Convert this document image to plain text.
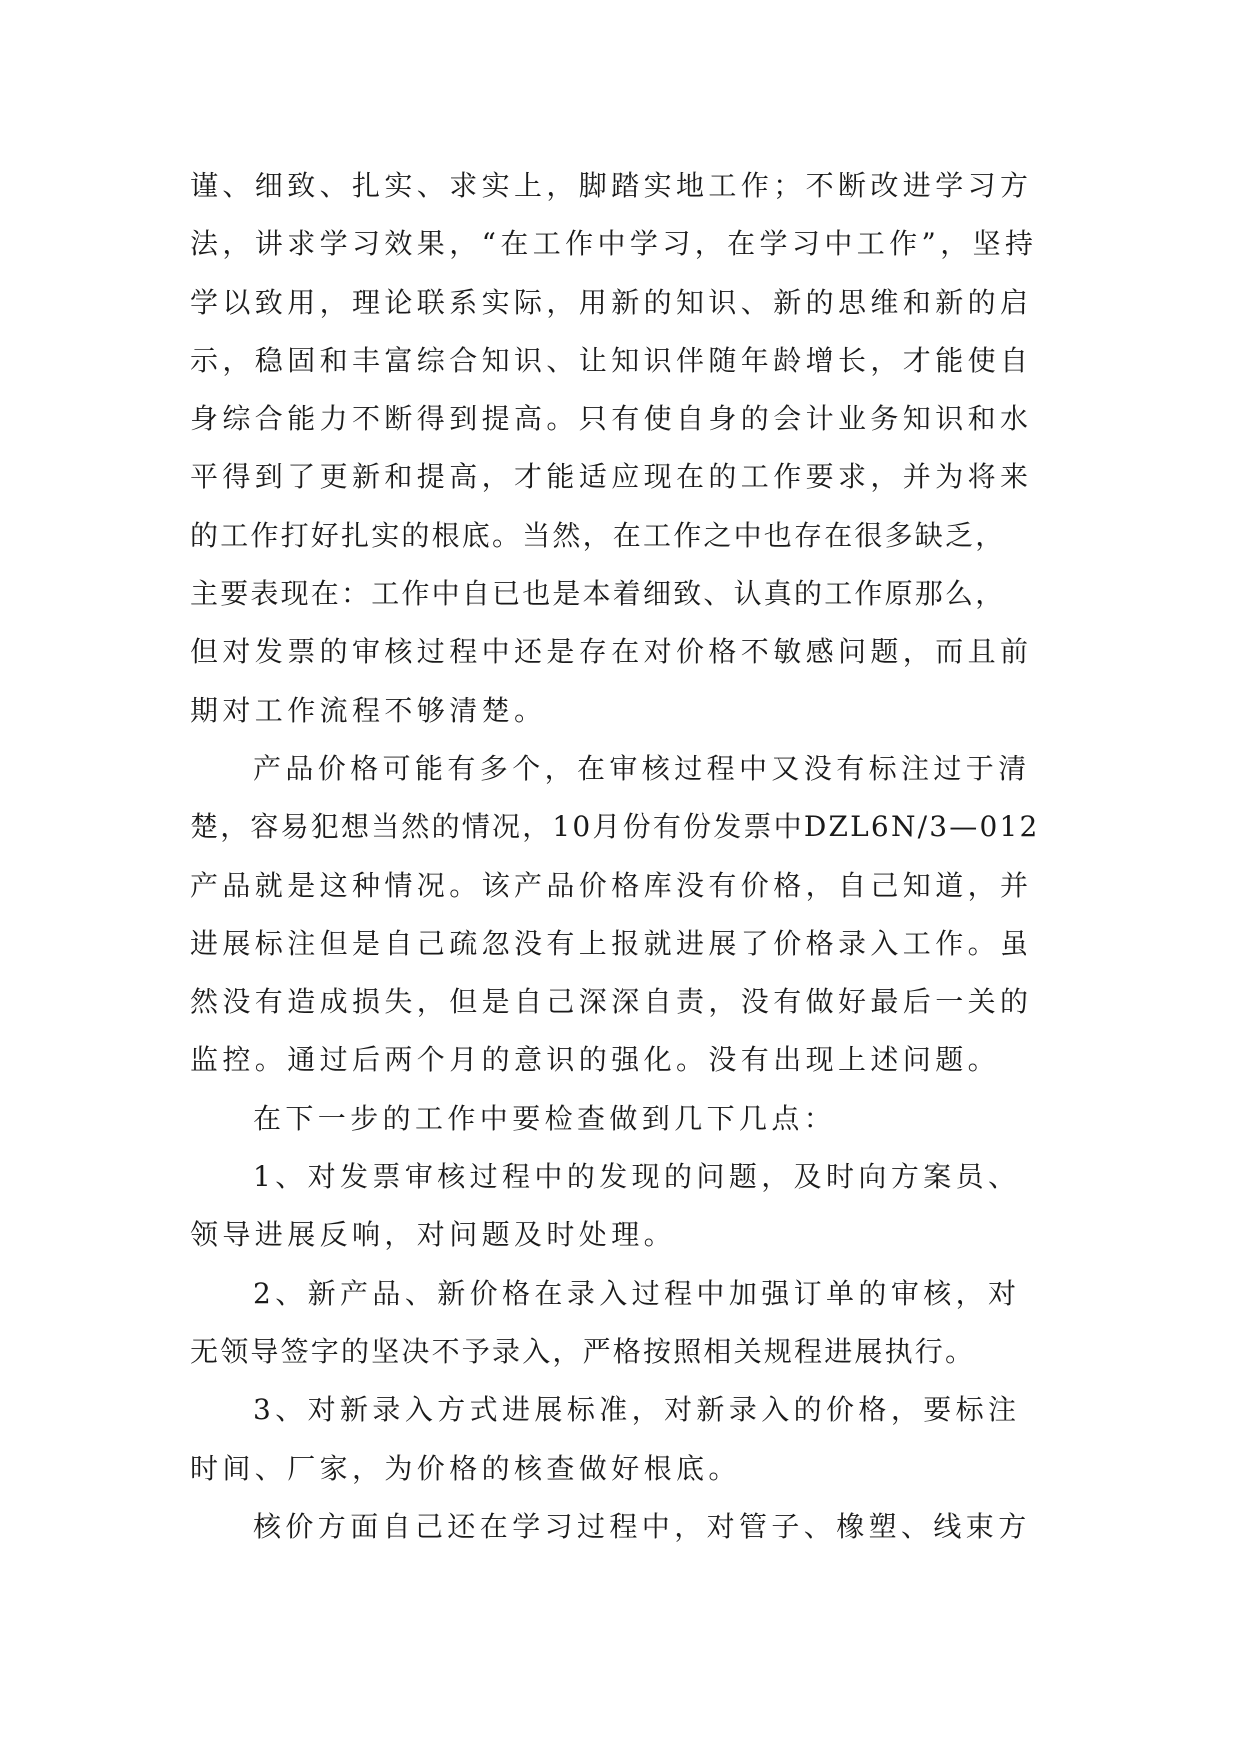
谨、细致、扎实、求实上，脚踏实地工作；不断改进学习方
法，讲求学习效果，“在工作中学习，在学习中工作”，坚持
学以致用，理论联系实际，用新的知识、新的思维和新的启
示，稳固和丰富综合知识、让知识伴随年龄增长，才能使自
身综合能力不断得到提高。只有使自身的会计业务知识和水
平得到了更新和提高，才能适应现在的工作要求，并为将来
的工作打好扎实的根底。当然，在工作之中也存在很多缺乏，
主要表现在：工作中自已也是本着细致、认真的工作原那么，
但对发票的审核过程中还是存在对价格不敏感问题，而且前
期对工作流程不够清楚。
产品价格可能有多个，在审核过程中又没有标注过于清
楚，容易犯想当然的情况，10月份有份发票中DZL6N/3—012
产品就是这种情况。该产品价格库没有价格，自己知道，并
进展标注但是自己疏忽没有上报就进展了价格录入工作。虽
然没有造成损失，但是自己深深自责，没有做好最后一关的
监控。通过后两个月的意识的强化。没有出现上述问题。
在下一步的工作中要检查做到几下几点：
1、对发票审核过程中的发现的问题，及时向方案员、
领导进展反响，对问题及时处理。
2、新产品、新价格在录入过程中加强订单的审核，对
无领导签字的坚决不予录入，严格按照相关规程进展执行。
3、对新录入方式进展标准，对新录入的价格，要标注
时间、厂家，为价格的核查做好根底。
核价方面自己还在学习过程中，对管子、橡塑、线束方
